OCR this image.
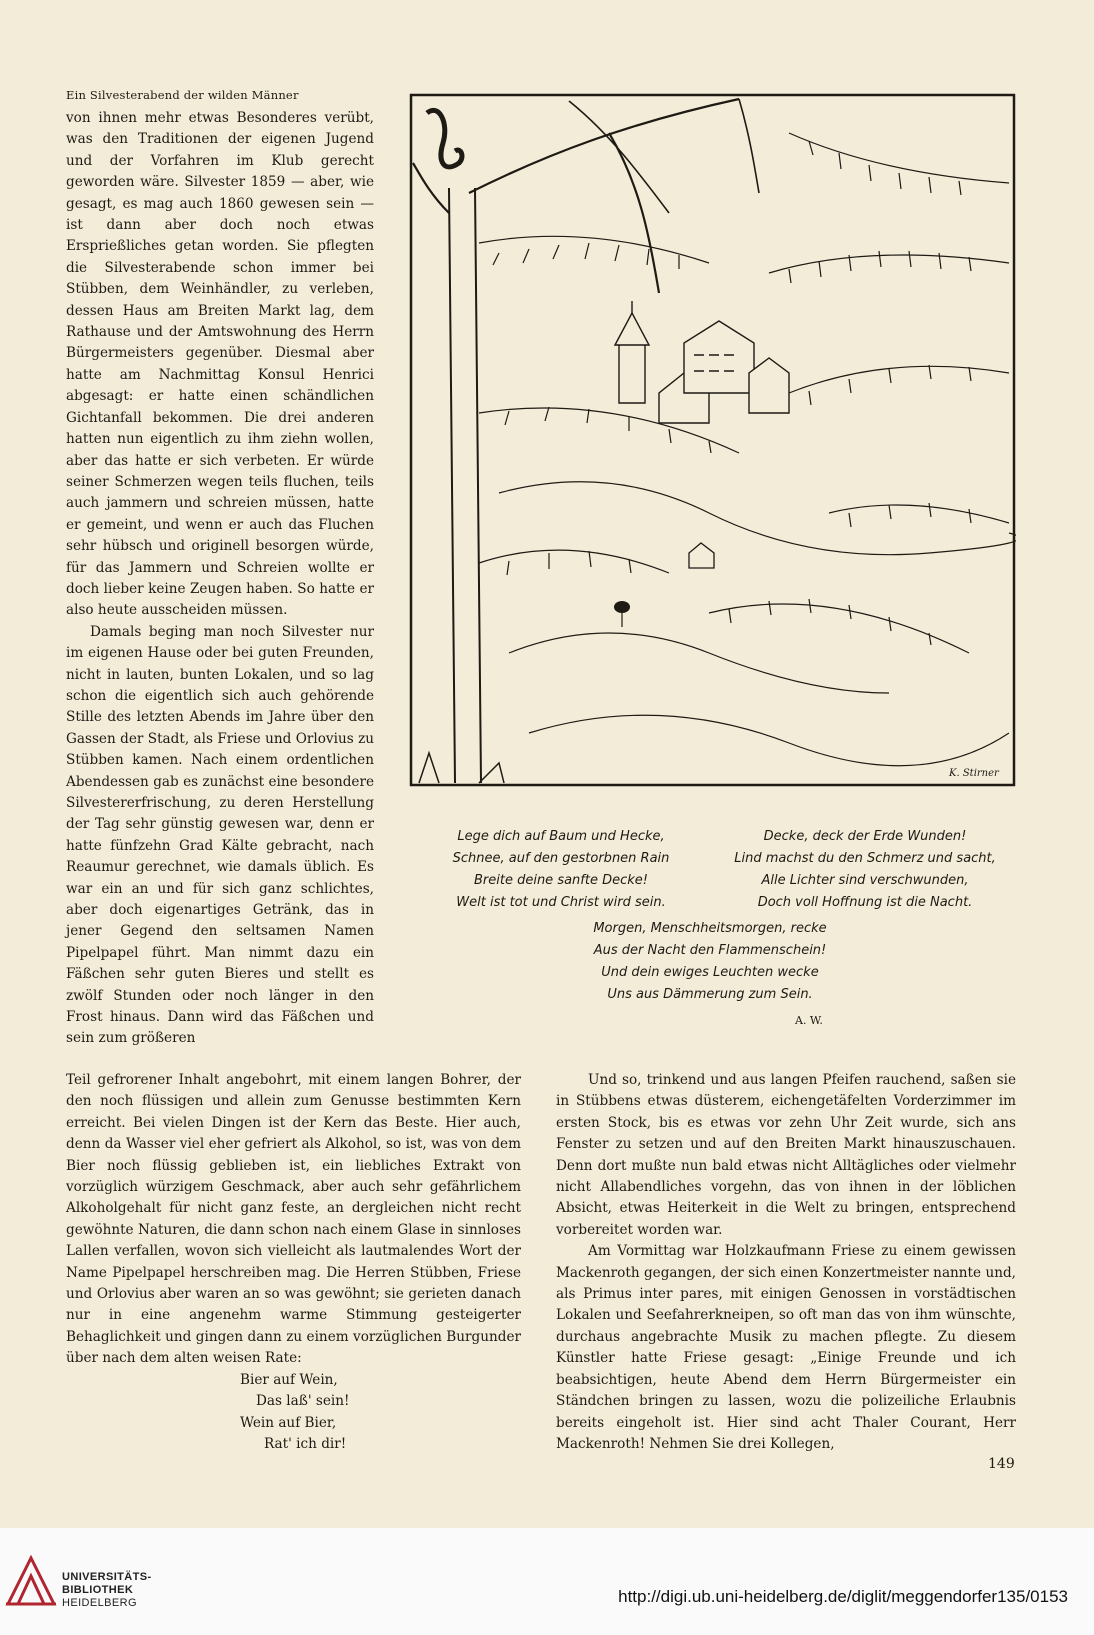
Ein Silvesterabend der wilden Männer

von ihnen mehr etwas Besonderes verübt, was den Traditionen der eigenen Jugend und der Vorfahren im Klub gerecht geworden wäre. Silvester 1859 — aber, wie gesagt, es mag auch 1860 gewesen sein — ist dann aber doch noch etwas Ersprießliches getan worden. Sie pflegten die Silvesterabende schon immer bei Stübben, dem Weinhändler, zu verleben, dessen Haus am Breiten Markt lag, dem Rathause und der Amtswohnung des Herrn Bürgermeisters gegenüber. Diesmal aber hatte am Nachmittag Konsul Henrici abgesagt: er hatte einen schändlichen Gichtanfall bekommen. Die drei anderen hatten nun eigentlich zu ihm ziehn wollen, aber das hatte er sich verbeten. Er würde seiner Schmerzen wegen teils fluchen, teils auch jammern und schreien müssen, hatte er gemeint, und wenn er auch das Fluchen sehr hübsch und originell besorgen würde, für das Jammern und Schreien wollte er doch lieber keine Zeugen haben. So hatte er also heute ausscheiden müssen.

Damals beging man noch Silvester nur im eigenen Hause oder bei guten Freunden, nicht in lauten, bunten Lokalen, und so lag schon die eigentlich sich auch gehörende Stille des letzten Abends im Jahre über den Gassen der Stadt, als Friese und Orlovius zu Stübben kamen. Nach einem ordentlichen Abendessen gab es zunächst eine besondere Silvestererfrischung, zu deren Herstellung der Tag sehr günstig gewesen war, denn er hatte fünfzehn Grad Kälte gebracht, nach Reaumur gerechnet, wie damals üblich. Es war ein an und für sich ganz schlichtes, aber doch eigenartiges Getränk, das in jener Gegend den seltsamen Namen Pipelpapel führt. Man nimmt dazu ein Fäßchen sehr guten Bieres und stellt es zwölf Stunden oder noch länger in den Frost hinaus. Dann wird das Fäßchen und sein zum größeren

K. Stirner
Lege dich auf Baum und Hecke,
Schnee, auf den gestorbnen Rain
Breite deine sanfte Decke!
Welt ist tot und Christ wird sein.
Decke, deck der Erde Wunden!
Lind machst du den Schmerz und sacht,
Alle Lichter sind verschwunden,
Doch voll Hoffnung ist die Nacht.
Morgen, Menschheitsmorgen, recke
Aus der Nacht den Flammenschein!
Und dein ewiges Leuchten wecke
Uns aus Dämmerung zum Sein.
A. W.

Teil gefrorener Inhalt angebohrt, mit einem langen Bohrer, der den noch flüssigen und allein zum Genusse bestimmten Kern erreicht. Bei vielen Dingen ist der Kern das Beste. Hier auch, denn da Wasser viel eher gefriert als Alkohol, so ist, was von dem Bier noch flüssig geblieben ist, ein liebliches Extrakt von vorzüglich würzigem Geschmack, aber auch sehr gefährlichem Alkoholgehalt für nicht ganz feste, an dergleichen nicht recht gewöhnte Naturen, die dann schon nach einem Glase in sinnloses Lallen verfallen, wovon sich vielleicht als lautmalendes Wort der Name Pipelpapel herschreiben mag. Die Herren Stübben, Friese und Orlovius aber waren an so was gewöhnt; sie gerieten danach nur in eine angenehm warme Stimmung gesteigerter Behaglichkeit und gingen dann zu einem vorzüglichen Burgunder über nach dem alten weisen Rate:

Bier auf Wein,
Das laß' sein!
Wein auf Bier,
Rat' ich dir!

Und so, trinkend und aus langen Pfeifen rauchend, saßen sie in Stübbens etwas düsterem, eichengetäfelten Vorderzimmer im ersten Stock, bis es etwas vor zehn Uhr Zeit wurde, sich ans Fenster zu setzen und auf den Breiten Markt hinauszuschauen. Denn dort mußte nun bald etwas nicht Alltägliches oder vielmehr nicht Allabendliches vorgehn, das von ihnen in der löblichen Absicht, etwas Heiterkeit in die Welt zu bringen, entsprechend vorbereitet worden war.

Am Vormittag war Holzkaufmann Friese zu einem gewissen Mackenroth gegangen, der sich einen Konzertmeister nannte und, als Primus inter pares, mit einigen Genossen in vorstädtischen Lokalen und Seefahrerkneipen, so oft man das von ihm wünschte, durchaus angebrachte Musik zu machen pflegte. Zu diesem Künstler hatte Friese gesagt: „Einige Freunde und ich beabsichtigen, heute Abend dem Herrn Bürgermeister ein Ständchen bringen zu lassen, wozu die polizeiliche Erlaubnis bereits eingeholt ist. Hier sind acht Thaler Courant, Herr Mackenroth! Nehmen Sie drei Kollegen,

149
UNIVERSITÄTS-
BIBLIOTHEK
HEIDELBERG	http://digi.ub.uni-heidelberg.de/diglit/meggendorfer135/0153
